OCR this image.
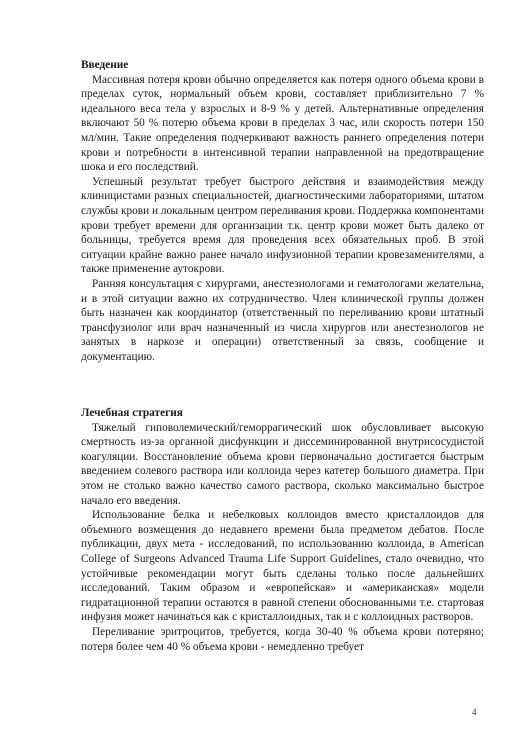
Введение

Массивная потеря крови обычно определяется как потеря одного объема крови в пределах суток, нормальный объем крови, составляет приблизительно 7 % идеального веса тела у взрослых и 8-9 % у детей. Альтернативные определения включают 50 % потерю объема крови в пределах 3 час, или скорость потери 150 мл/мин. Такие определения подчеркивают важность раннего определения потери крови и потребности в интенсивной терапии направленной на предотвращение шока и его последствий.

Успешный результат требует быстрого действия и взаимодействия между клиницистами разных специальностей, диагностическими лабораториями, штатом службы крови и локальным центром переливания крови. Поддержка компонентами крови требует времени для организации т.к. центр крови может быть далеко от больницы, требуется время для проведения всех обязательных проб. В этой ситуации крайне важно ранее начало инфузионной терапии кровезаменителями, а также применение аутокрови.

Ранняя консультация с хирургами, анестезиологами и гематологами желательна, и в этой ситуации важно их сотрудничество. Член клинической группы должен быть назначен как координатор (ответственный по переливанию крови штатный трансфузиолог или врач назначенный из числа хирургов или анестезиологов не занятых в наркозе и операции) ответственный за связь, сообщение и документацию.

Лечебная стратегия

Тяжелый гиповолемический/геморрагический шок обусловливает высокую смертность из-за органной дисфункции и диссеминированной внутрисосудистой коагуляции. Восстановление объема крови первоначально достигается быстрым введением солевого раствора или коллоида через катетер большого диаметра. При этом не столько важно качество самого раствора, сколько максимально быстрое начало его введения.

Использование белка и небелковых коллоидов вместо кристаллоидов для объемного возмещения до недавнего времени была предметом дебатов. После публикации, двух мета - исследований, по использованию коллоида, в American College of Surgeons Advanced Trauma Life Support Guidelines, стало очевидно, что устойчивые рекомендации могут быть сделаны только после дальнейших исследований. Таким образом и «европейская» и «американская» модели гидратационной терапии остаются в равной степени обоснованными т.е. стартовая инфузия может начинаться как с кристаллоидных, так и с коллоидных растворов.

Переливание эритроцитов, требуется, когда 30-40 % объема крови потеряно; потеря более чем 40 % объема крови - немедленно требует

4
